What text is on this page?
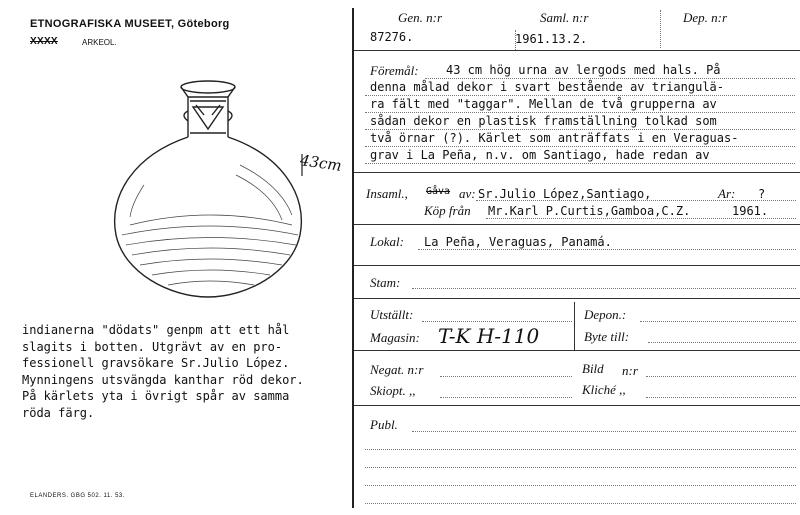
ETNOGRAFISKA MUSEET, Göteborg
XXXX	ARKEOL.
43cm
indianerna "dödats" genpm att ett hål
slagits i botten. Utgrävt av en pro-
fessionell gravsökare Sr.Julio López.
Mynningens utsvängda kanthar röd dekor.
På kärlets yta i övrigt spår av samma
röda färg.
ELANDERS. GBG 502. 11. 53.
Gen. n:r
87276.
Saml. n:r
1961.13.2.
Dep. n:r
Föremål: 43 cm hög urna av lergods med hals. På
denna målad dekor i svart bestående av triangulä-
ra fält med "taggar". Mellan de två grupperna av
sådan dekor en plastisk framställning tolkad som
två örnar (?). Kärlet som anträffats i en Veraguas-
grav i La Peña, n.v. om Santiago, hade redan av
Insaml., Gåva av: Sr.Julio López,Santiago,	Ar: ?
Köp från Mr.Karl P.Curtis,Gamboa,C.Z.	1961.
Lokal: La Peña, Veraguas, Panamá.
Stam:
Utställt:	Depon.:
Magasin: T-K H-110	Byte till:
Negat. n:r	Bild n:r
Skiopt. ,,	Kliché ,,
Publ.
